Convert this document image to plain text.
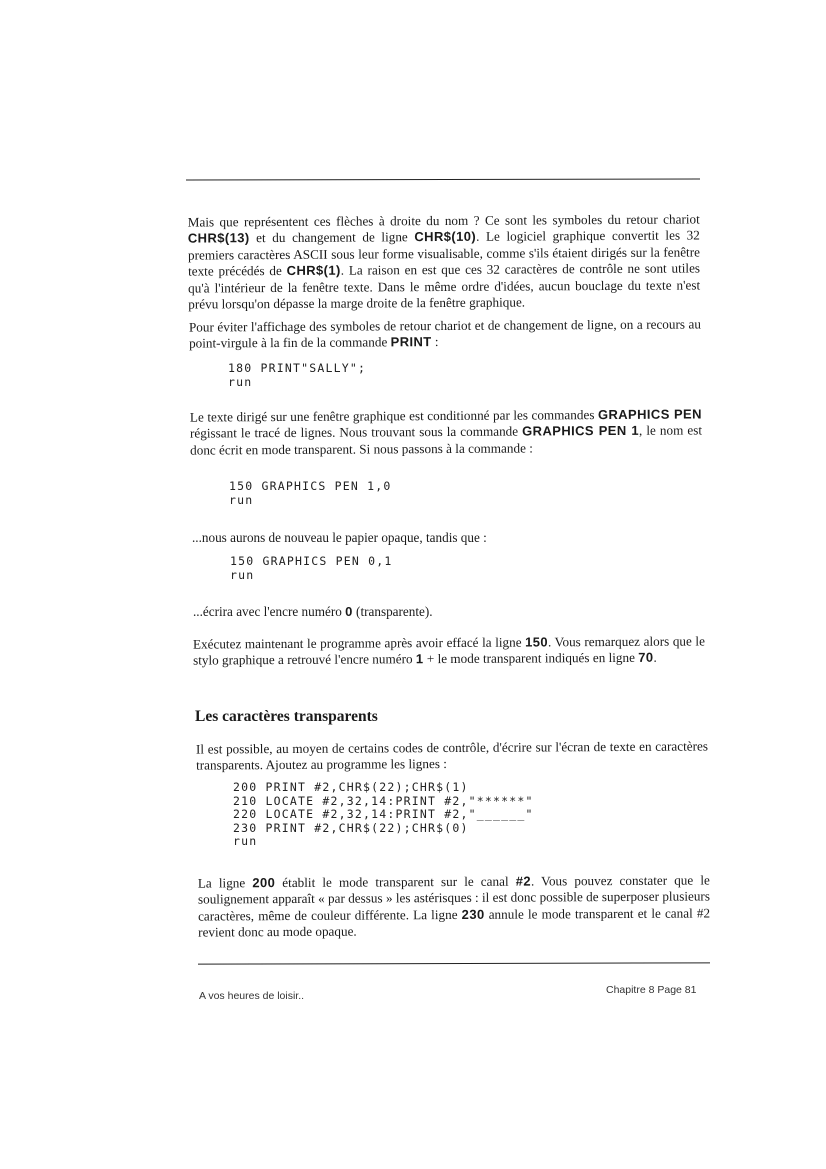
Mais que représentent ces flèches à droite du nom ? Ce sont les symboles du retour chariot CHR$(13) et du changement de ligne CHR$(10). Le logiciel graphique convertit les 32 premiers caractères ASCII sous leur forme visualisable, comme s'ils étaient dirigés sur la fenêtre texte précédés de CHR$(1). La raison en est que ces 32 caractères de contrôle ne sont utiles qu'à l'intérieur de la fenêtre texte. Dans le même ordre d'idées, aucun bouclage du texte n'est prévu lorsqu'on dépasse la marge droite de la fenêtre graphique.

Pour éviter l'affichage des symboles de retour chariot et de changement de ligne, on a recours au point-virgule à la fin de la commande PRINT :

180 PRINT"SALLY";
run

Le texte dirigé sur une fenêtre graphique est conditionné par les commandes GRAPHICS PEN régissant le tracé de lignes. Nous trouvant sous la commande GRAPHICS PEN 1, le nom est donc écrit en mode transparent. Si nous passons à la commande :

150 GRAPHICS PEN 1,0
run

...nous aurons de nouveau le papier opaque, tandis que :

150 GRAPHICS PEN 0,1
run

...écrira avec l'encre numéro 0 (transparente).

Exécutez maintenant le programme après avoir effacé la ligne 150. Vous remarquez alors que le stylo graphique a retrouvé l'encre numéro 1 + le mode transparent indiqués en ligne 70.

Les caractères transparents

Il est possible, au moyen de certains codes de contrôle, d'écrire sur l'écran de texte en caractères transparents. Ajoutez au programme les lignes :

200 PRINT #2,CHR$(22);CHR$(1)
210 LOCATE #2,32,14:PRINT #2,"******"
220 LOCATE #2,32,14:PRINT #2,"______"
230 PRINT #2,CHR$(22);CHR$(0)
run

La ligne 200 établit le mode transparent sur le canal #2. Vous pouvez constater que le soulignement apparaît « par dessus » les astérisques : il est donc possible de superposer plusieurs caractères, même de couleur différente. La ligne 230 annule le mode transparent et le canal #2 revient donc au mode opaque.

A vos heures de loisir..	Chapitre 8 Page 81
